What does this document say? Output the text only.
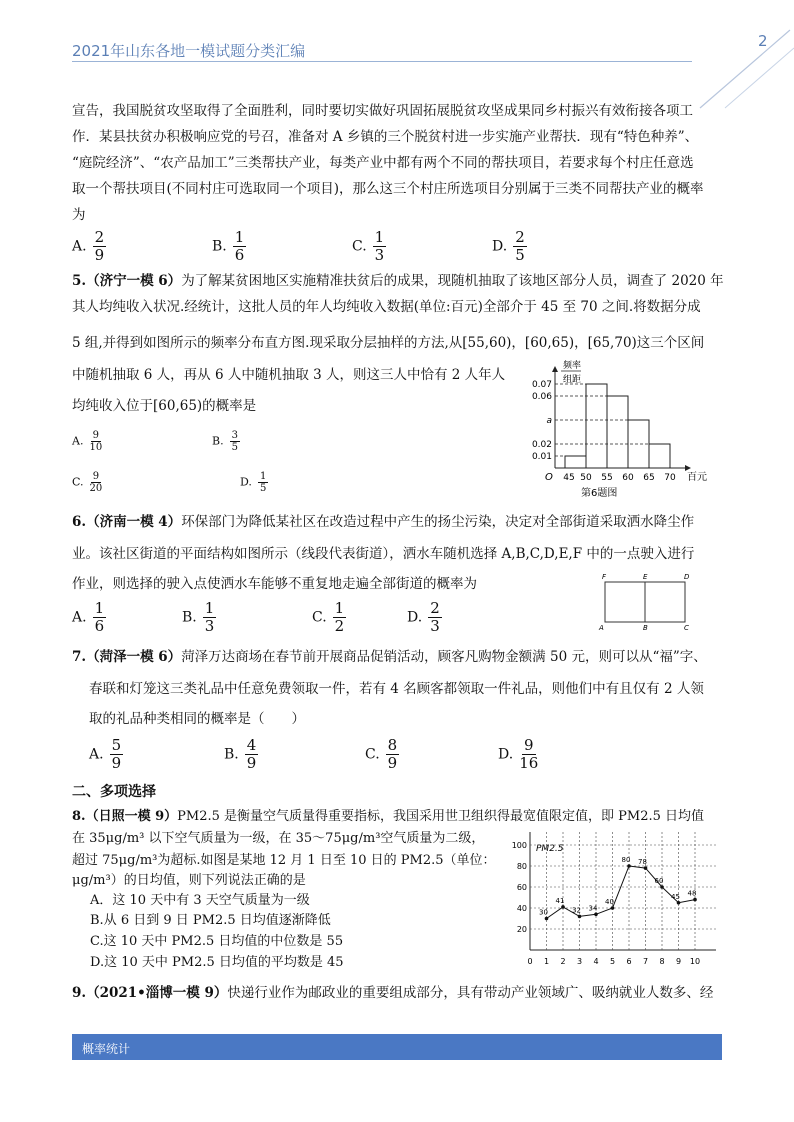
2021年山东各地一模试题分类汇编
2
宣告，我国脱贫攻坚取得了全面胜利，同时要切实做好巩固拓展脱贫攻坚成果同乡村振兴有效衔接各项工
作．某县扶贫办积极响应党的号召，准备对 A 乡镇的三个脱贫村进一步实施产业帮扶．现有“特色种养”、
“庭院经济”、“农产品加工”三类帮扶产业，每类产业中都有两个不同的帮扶项目，若要求每个村庄任意选
取一个帮扶项目(不同村庄可选取同一个项目)，那么这三个村庄所选项目分别属于三类不同帮扶产业的概率
为
A. $\frac{2}{9}$	B. $\frac{1}{6}$	C. $\frac{1}{3}$	D. $\frac{2}{5}$
5.（济宁一模 6）为了解某贫困地区实施精准扶贫后的成果，现随机抽取了该地区部分人员，调查了 2020 年
其人均纯收入状况.经统计，这批人员的年人均纯收入数据(单位:百元)全部介于 45 至 70 之间.将数据分成
5 组,并得到如图所示的频率分布直方图.现采取分层抽样的方法,从[55,60)，[60,65)，[65,70)这三个区间
中随机抽取 6 人，再从 6 人中随机抽取 3 人，则这三人中恰有 2 人年人
均纯收入位于[60,65)的概率是
A. $\frac{9}{10}$	B. $\frac{3}{5}$
C. $\frac{9}{20}$	D. $\frac{1}{5}$
频率
组距
O	百元
第6题图
0.01
0.02
a
0.06
0.07
45 50 55 60 65 70
6.（济南一模 4）环保部门为降低某社区在改造过程中产生的扬尘污染，决定对全部街道采取洒水降尘作
业。该社区街道的平面结构如图所示（线段代表街道），洒水车随机选择 A,B,C,D,E,F 中的一点驶入进行
作业，则选择的驶入点使洒水车能够不重复地走遍全部街道的概率为
A. $\frac{1}{6}$	B. $\frac{1}{3}$	C. $\frac{1}{2}$	D. $\frac{2}{3}$
F	E	D
A	B	C
7.（菏泽一模 6）菏泽万达商场在春节前开展商品促销活动，顾客凡购物金额满 50 元，则可以从“福”字、
春联和灯笼这三类礼品中任意免费领取一件，若有 4 名顾客都领取一件礼品，则他们中有且仅有 2 人领
取的礼品种类相同的概率是（　　）
A. $\frac{5}{9}$	B. $\frac{4}{9}$	C. $\frac{8}{9}$	D. $\frac{9}{16}$
二、多项选择
8.（日照一模 9）PM2.5 是衡量空气质量得重要指标，我国采用世卫组织得最宽值限定值，即 PM2.5 日均值
在 35μg/m³ 以下空气质量为一级，在 35～75μg/m³空气质量为二级，
超过 75μg/m³为超标.如图是某地 12 月 1 日至 10 日的 PM2.5（单位：
μg/m³）的日均值，则下列说法正确的是
A．这 10 天中有 3 天空气质量为一级
B.从 6 日到 9 日 PM2.5 日均值逐渐降低
C.这 10 天中 PM2.5 日均值的中位数是 55
D.这 10 天中 PM2.5 日均值的平均数是 45
PM2.5
20
40
60
80
100
0 1 2 3 4 5 6 7 8 9 10
30
41
32 34
40
80 78
60
45 48
9.（2021•淄博一模 9）快递行业作为邮政业的重要组成部分，具有带动产业领域广、吸纳就业人数多、经
概率统计
